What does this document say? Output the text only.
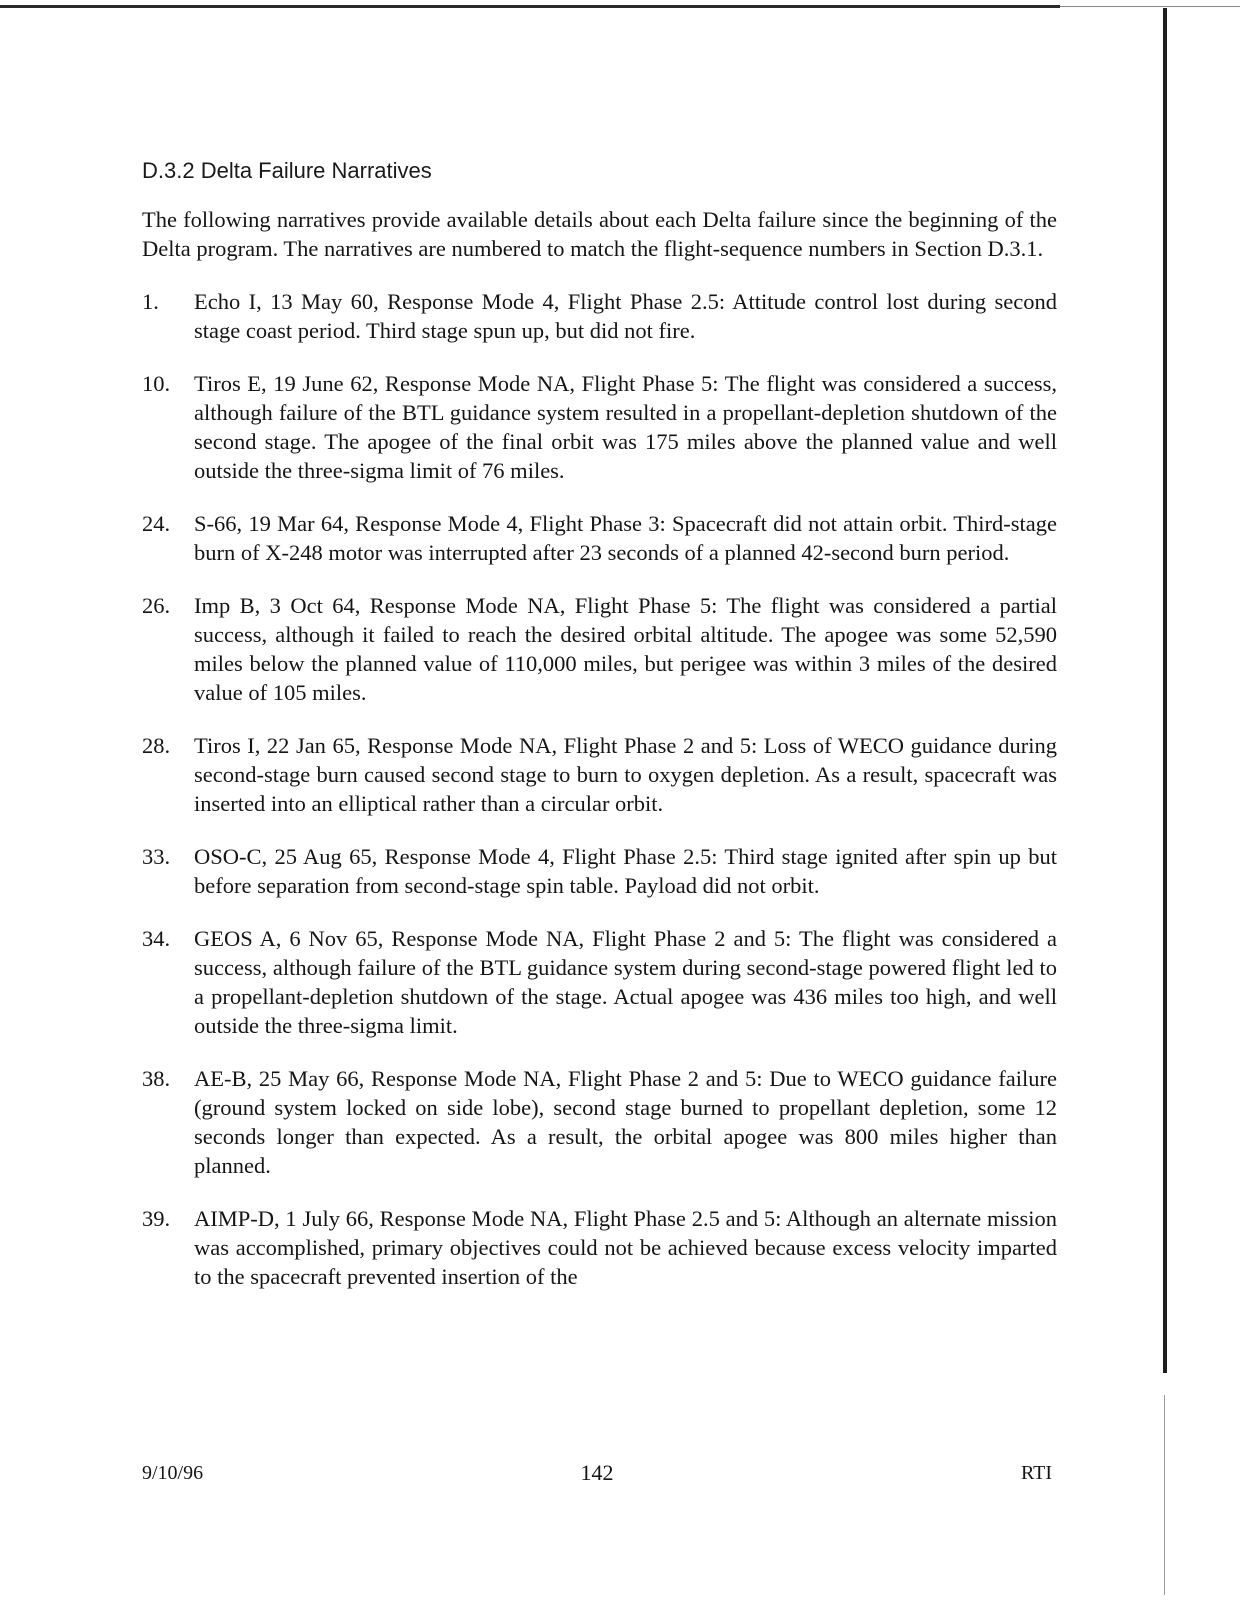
D.3.2 Delta Failure Narratives

The following narratives provide available details about each Delta failure since the beginning of the Delta program. The narratives are numbered to match the flight-sequence numbers in Section D.3.1.

1.	Echo I, 13 May 60, Response Mode 4, Flight Phase 2.5: Attitude control lost during second stage coast period. Third stage spun up, but did not fire.
10.	Tiros E, 19 June 62, Response Mode NA, Flight Phase 5: The flight was considered a success, although failure of the BTL guidance system resulted in a propellant-depletion shutdown of the second stage. The apogee of the final orbit was 175 miles above the planned value and well outside the three-sigma limit of 76 miles.
24.	S-66, 19 Mar 64, Response Mode 4, Flight Phase 3: Spacecraft did not attain orbit. Third-stage burn of X-248 motor was interrupted after 23 seconds of a planned 42-second burn period.
26.	Imp B, 3 Oct 64, Response Mode NA, Flight Phase 5: The flight was considered a partial success, although it failed to reach the desired orbital altitude. The apogee was some 52,590 miles below the planned value of 110,000 miles, but perigee was within 3 miles of the desired value of 105 miles.
28.	Tiros I, 22 Jan 65, Response Mode NA, Flight Phase 2 and 5: Loss of WECO guidance during second-stage burn caused second stage to burn to oxygen depletion. As a result, spacecraft was inserted into an elliptical rather than a circular orbit.
33.	OSO-C, 25 Aug 65, Response Mode 4, Flight Phase 2.5: Third stage ignited after spin up but before separation from second-stage spin table. Payload did not orbit.
34.	GEOS A, 6 Nov 65, Response Mode NA, Flight Phase 2 and 5: The flight was considered a success, although failure of the BTL guidance system during second-stage powered flight led to a propellant-depletion shutdown of the stage. Actual apogee was 436 miles too high, and well outside the three-sigma limit.
38.	AE-B, 25 May 66, Response Mode NA, Flight Phase 2 and 5: Due to WECO guidance failure (ground system locked on side lobe), second stage burned to propellant depletion, some 12 seconds longer than expected. As a result, the orbital apogee was 800 miles higher than planned.
39.	AIMP-D, 1 July 66, Response Mode NA, Flight Phase 2.5 and 5: Although an alternate mission was accomplished, primary objectives could not be achieved because excess velocity imparted to the spacecraft prevented insertion of the
9/10/96	142	RTI
